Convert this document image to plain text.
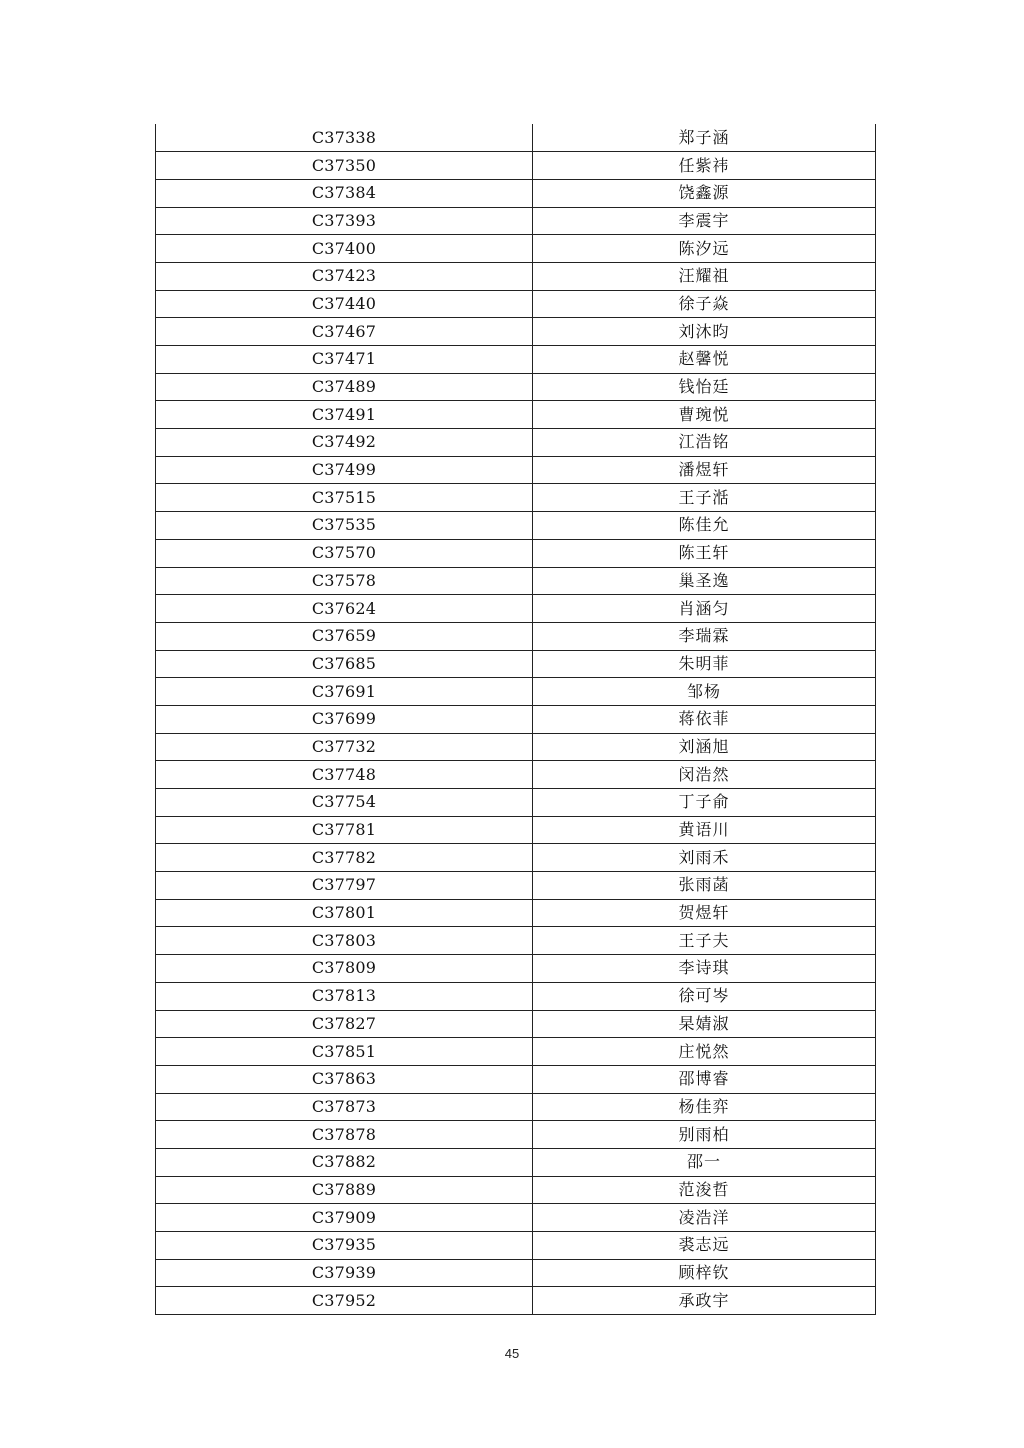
C37338	郑子涵
C37350	任紫祎
C37384	饶鑫源
C37393	李震宇
C37400	陈汐远
C37423	汪耀祖
C37440	徐子焱
C37467	刘沐昀
C37471	赵馨悦
C37489	钱怡廷
C37491	曹琬悦
C37492	江浩铭
C37499	潘煜轩
C37515	王子湉
C37535	陈佳允
C37570	陈王轩
C37578	巢圣逸
C37624	肖涵匀
C37659	李瑞霖
C37685	朱明菲
C37691	邹杨
C37699	蒋依菲
C37732	刘涵旭
C37748	闵浩然
C37754	丁子俞
C37781	黄语川
C37782	刘雨禾
C37797	张雨菡
C37801	贺煜轩
C37803	王子夫
C37809	李诗琪
C37813	徐可岑
C37827	杲婧淑
C37851	庄悦然
C37863	邵博睿
C37873	杨佳弈
C37878	别雨柏
C37882	邵一
C37889	范浚哲
C37909	凌浩洋
C37935	裘志远
C37939	顾梓钦
C37952	承政宇
45
